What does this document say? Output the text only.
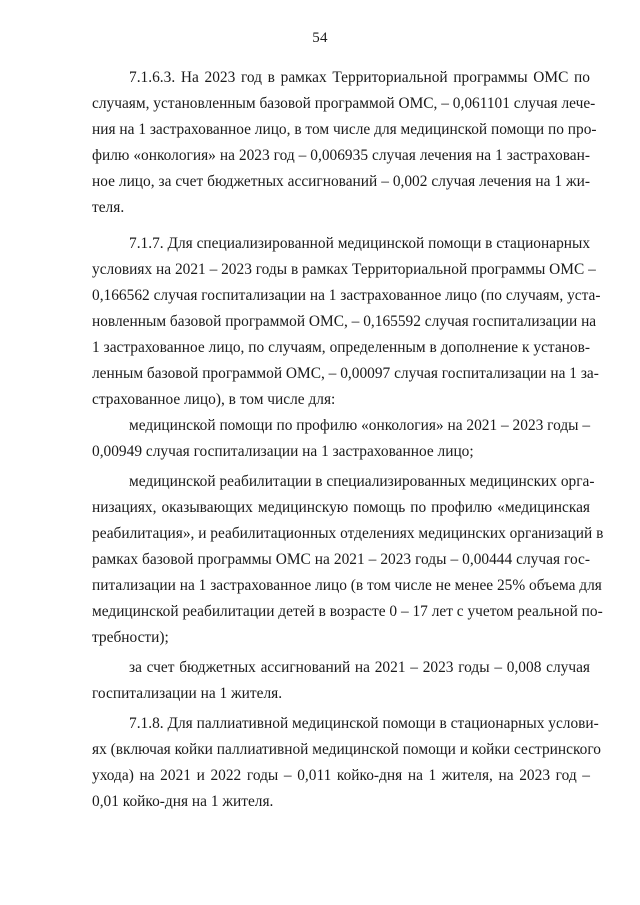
54
7.1.6.3. На 2023 год в рамках Территориальной программы ОМС по
случаям, установленным базовой программой ОМС, – 0,061101 случая лече-
ния на 1 застрахованное лицо, в том числе для медицинской помощи по про-
филю «онкология» на 2023 год – 0,006935 случая лечения на 1 застрахован-
ное лицо, за счет бюджетных ассигнований – 0,002 случая лечения на 1 жи-
теля.
7.1.7. Для специализированной медицинской помощи в стационарных
условиях на 2021 – 2023 годы в рамках Территориальной программы ОМС –
0,166562 случая госпитализации на 1 застрахованное лицо (по случаям, уста-
новленным базовой программой ОМС, – 0,165592 случая госпитализации на
1 застрахованное лицо, по случаям, определенным в дополнение к установ-
ленным базовой программой ОМС, – 0,00097 случая госпитализации на 1 за-
страхованное лицо), в том числе для:
медицинской помощи по профилю «онкология» на 2021 – 2023 годы –
0,00949 случая госпитализации на 1 застрахованное лицо;
медицинской реабилитации в специализированных медицинских орга-
низациях, оказывающих медицинскую помощь по профилю «медицинская
реабилитация», и реабилитационных отделениях медицинских организаций в
рамках базовой программы ОМС на 2021 – 2023 годы – 0,00444 случая гос-
питализации на 1 застрахованное лицо (в том числе не менее 25% объема для
медицинской реабилитации детей в возрасте 0 – 17 лет с учетом реальной по-
требности);
за счет бюджетных ассигнований на 2021 – 2023 годы – 0,008 случая
госпитализации на 1 жителя.
7.1.8. Для паллиативной медицинской помощи в стационарных услови-
ях (включая койки паллиативной медицинской помощи и койки сестринского
ухода) на 2021 и 2022 годы – 0,011 койко-дня на 1 жителя, на 2023 год –
0,01 койко-дня на 1 жителя.
